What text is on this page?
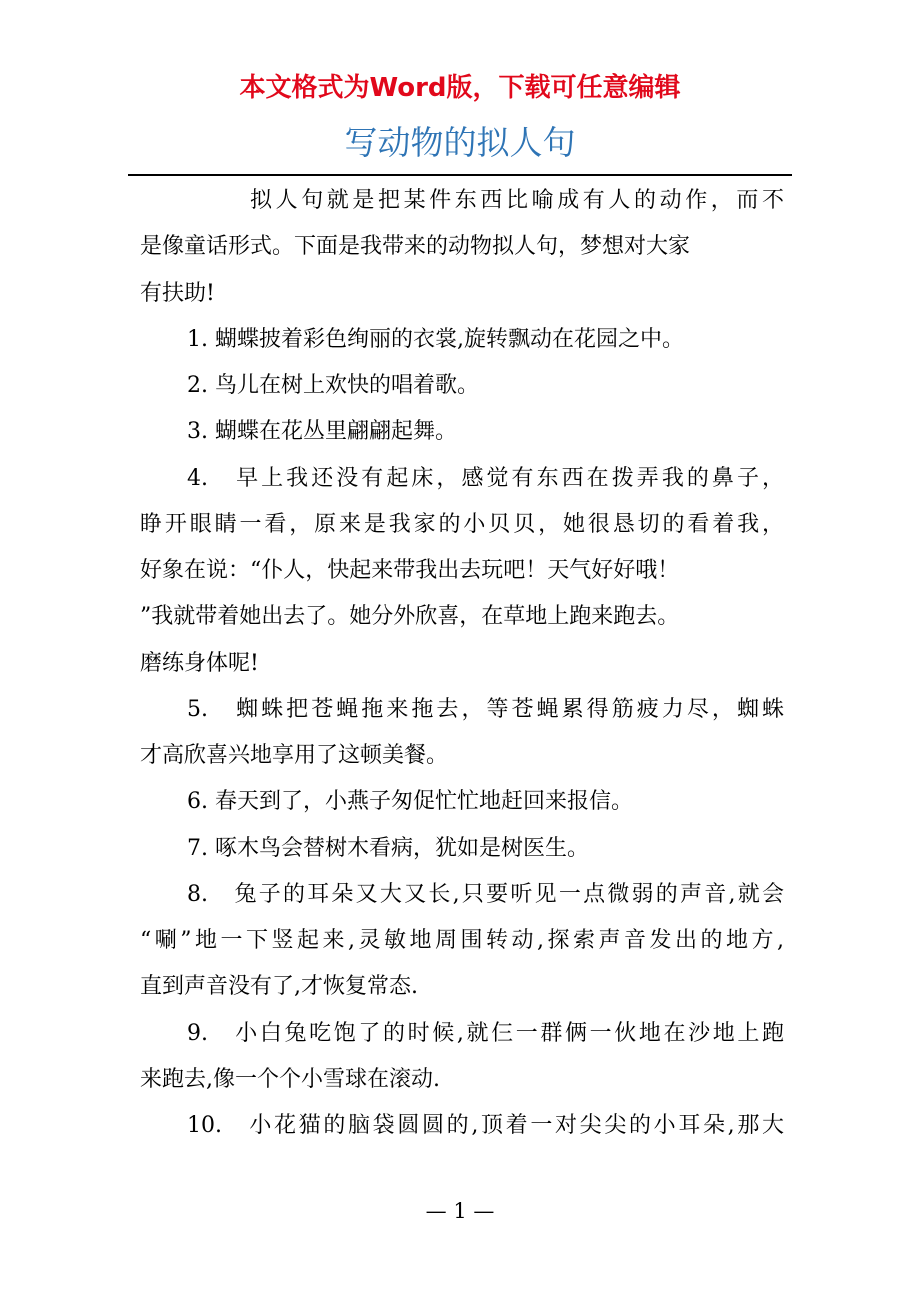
本文格式为Word版，下载可任意编辑
写动物的拟人句
拟人句就是把某件东西比喻成有人的动作，而不
是像童话形式。下面是我带来的动物拟人句，梦想对大家
有扶助!
1. 蝴蝶披着彩色绚丽的衣裳,旋转飘动在花园之中。
2. 鸟儿在树上欢快的唱着歌。
3. 蝴蝶在花丛里翩翩起舞。
4.　早上我还没有起床，感觉有东西在拨弄我的鼻子，
睁开眼睛一看，原来是我家的小贝贝，她很恳切的看着我，
好象在说：“仆人，快起来带我出去玩吧！天气好好哦！
”我就带着她出去了。她分外欣喜，在草地上跑来跑去。
磨练身体呢!
5.　蜘蛛把苍蝇拖来拖去，等苍蝇累得筋疲力尽，蜘蛛
才高欣喜兴地享用了这顿美餐。
6. 春天到了，小燕子匆促忙忙地赶回来报信。
7. 啄木鸟会替树木看病，犹如是树医生。
8.　兔子的耳朵又大又长,只要听见一点微弱的声音,就会
“唰”地一下竖起来,灵敏地周围转动,探索声音发出的地方,
直到声音没有了,才恢复常态.
9.　小白兔吃饱了的时候,就仨一群俩一伙地在沙地上跑
来跑去,像一个个小雪球在滚动.
10.　小花猫的脑袋圆圆的,顶着一对尖尖的小耳朵,那大
— 1 —
